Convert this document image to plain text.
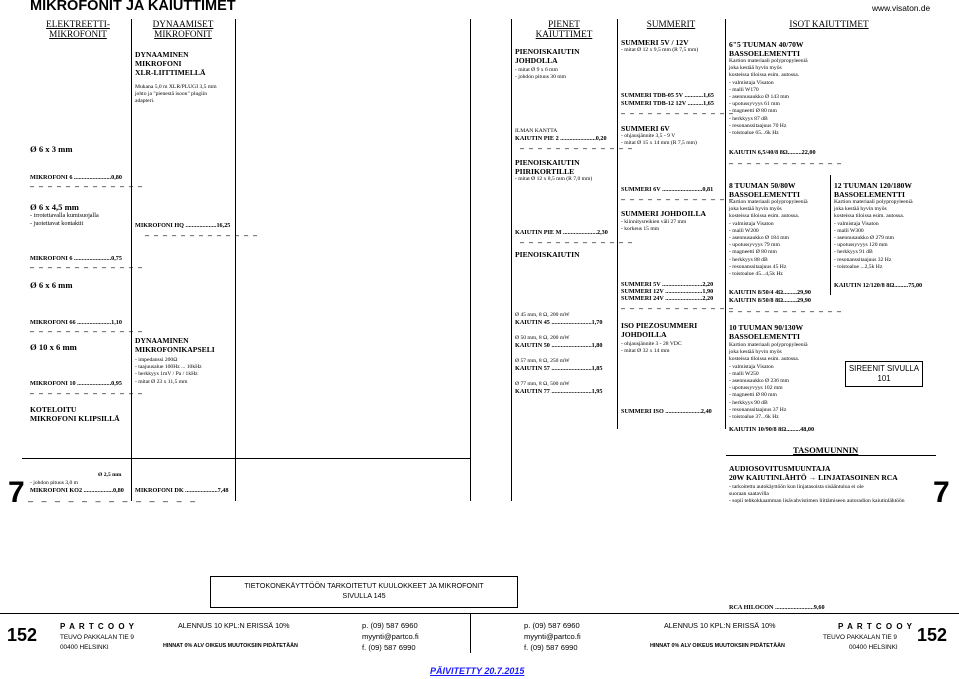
MIKROFONIT JA KAIUTTIMET	www.visaton.de
ELEKTREETTI-
MIKROFONIT
DYNAAMISET
MIKROFONIT
Ø 6 x 3 mm
MIKROFONI 6 ........................0,80
– – – – – – – – – – – – –
Ø 6 x 4,5 mm
- irrotettavalla kumisuojalla
- juotettavat kontaktit
MIKROFONI 6 ........................0,75
– – – – – – – – – – – – –
Ø 6 x 6 mm
MIKROFONI 66 ......................1,10
– – – – – – – – – – – – –
Ø 10 x 6 mm
MIKROFONI 10 ......................0,95
– – – – – – – – – – – – –
KOTELOITU
MIKROFONI KLIPSILLÄ
DYNAAMINEN
MIKROFONI
XLR-LIITTIMELLÄ
Mukana 5,0 m XLR/PLUGI 3,5 mm
johto ja "pienestä isoon" plugiin
adapteri.
MIKROFONI HQ ....................16,25
– – – – – – – – – – – – –
DYNAAMINEN
MIKROFONIKAPSELI
- impedanssi 200Ω
- taajuusalue 100Hz ... 10kHz
- herkkyys 1mV / Pa / 1kHz
- mitat Ø 23 x 11,5 mm
Ø 2,5 mm
- johdon pituus 3,0 m
MIKROFONI KO2 ...................0,80 MIKROFONI DK .....................7,48
– – – – – – – – – – – – –
7	7
TIETOKONEKÄYTTÖÖN TARKOITETUT KUULOKKEET JA MIKROFONIT
SIVULLA 145
PIENET
KAIUTTIMET
SUMMERIT	ISOT KAIUTTIMET
PIENOISKAIUTIN
JOHDOLLA
- mitat Ø 9 x 6 mm
- johdon pituus 30 mm
ILMAN KANTTA
KAIUTIN PIE 2 .......................0,20
– – – – – – – – – – – – –
PIENOISKAIUTIN
PIIRIKORTILLE
- mitat Ø 12 x 8,5 mm (R 7,0 mm)
KAIUTIN PIE M ......................2,30
– – – – – – – – – – – – –
PIENOISKAIUTIN
Ø 45 mm, 8 Ω, 200 mW
KAIUTIN 45 ..........................1,70
Ø 50 mm, 8 Ω, 200 mW
KAIUTIN 50 ..........................1,80
Ø 57 mm, 8 Ω, 250 mW
KAIUTIN 57 ..........................1,85
Ø 77 mm, 8 Ω, 500 mW
KAIUTIN 77 ..........................1,95
SUMMERI 5V / 12V
- mitat Ø 12 x 9,5 mm (R 7,5 mm)
SUMMERI TDB-05 5V ............1,65
SUMMERI TDB-12 12V ..........1,65
– – – – – – – – – – – – –
SUMMERI 6V
- ohjausjännite 3,5 - 9 V
- mitat Ø 15 x 14 mm (R 7,5 mm)
SUMMERI 6V ..........................0,81
– – – – – – – – – – – – –
SUMMERI JOHDOILLA
- kiinnitysreikien väli 27 mm
- korkeus 15 mm
SUMMERI 5V ..........................2,20
SUMMERI 12V ........................1,90
SUMMERI 24V ........................2,20
– – – – – – – – – – – – –
ISO PIEZOSUMMERI
JOHDOILLA
- ohjausjännite 3 - 28 VDC
- mitat Ø 32 x 14 mm
SUMMERI ISO .......................2,40
6"5 TUUMAN 40/70W
BASSOELEMENTTI
Kartion materiaali polypropyleeniä
joka kestää hyvin myös
kosteissa tiloissa esim. autossa.
- valmistaja Visaton
- malli W170
- asennusaukko Ø 143 mm
- upotussyvyys 61 mm
- magneetti Ø 80 mm
- herkkyys 87 dB
- resonanssitaajuus 70 Hz
- toistoalue 65...6k Hz
KAIUTIN 6,5/40/8 8Ω.........22,00
– – – – – – – – – – – – –
8 TUUMAN 50/80W
BASSOELEMENTTI
Kartion materiaali polypropyleeniä
joka kestää hyvin myös
kosteissa tiloissa esim. autossa.
- valmistaja Visaton
- malli W200
- asennusaukko Ø 184 mm
- upotussyvyys 79 mm
- magneetti Ø 80 mm
- herkkyys 88 dB
- resonanssitaajuus 45 Hz
- toistoalue 45...4,5k Hz
KAIUTIN 8/50/4 4Ω.........29,90
KAIUTIN 8/50/8 8Ω.........29,90
– – – – – – – – – – – – –
12 TUUMAN 120/180W
BASSOELEMENTTI
Kartion materiaali polypropyleeniä
joka kestää hyvin myös
kosteissa tiloissa esim. autossa.
- valmistaja Visaton
- malli W300
- asennusaukko Ø 279 mm
- upotussyvyys 120 mm
- herkkyys 91 dB
- resonanssitaajuus 32 Hz
- toistoalue ...2,5k Hz
KAIUTIN 12/120/8 8Ω.........75,00
10 TUUMAN 90/130W
BASSOELEMENTTI
Kartion materiaali polypropyleeniä
joka kestää hyvin myös
kosteissa tiloissa esim. autossa.
- valmistaja Visaton
- malli W250
- asennusaukko Ø 236 mm
- upotussyvyys 102 mm
- magneetti Ø 80 mm
- herkkyys 90 dB
- resonanssitaajuus 37 Hz
- toistoalue 37...6k Hz
KAIUTIN 10/90/8 8Ω.........48,00
SIREENIT SIVULLA
101
TASOMUUNNIN
AUDIOSOVITUSMUUNTAJA
20W KAIUTINLÄHTÖ → LINJATASOINEN RCA
- tarkoitettu autokäyttöön kun linjatasoista sisääntuloa ei ole
suoraan saatavilla
- sopii tehkokkaamman lisävahvistimen liittämiseen autoradion kaiutinlähtöön
RCA HILOCON .........................9,60
152	152
P A R T C O O Y
TEUVO PAKKALAN TIE 9
00400 HELSINKI
ALENNUS 10 KPL:N ERISSÄ 10%
HINNAT 0% ALV OIKEUS MUUTOKSIIN PIDÄTETÄÄN
p. (09) 587 6960
myynti@partco.fi
f. (09) 587 6990
p. (09) 587 6960
myynti@partco.fi
f. (09) 587 6990
ALENNUS 10 KPL:N ERISSÄ 10%
HINNAT 0% ALV OIKEUS MUUTOKSIIN PIDÄTETÄÄN
P A R T C O O Y
TEUVO PAKKALAN TIE 9
00400 HELSINKI
PÄIVITETTY 20.7.2015
